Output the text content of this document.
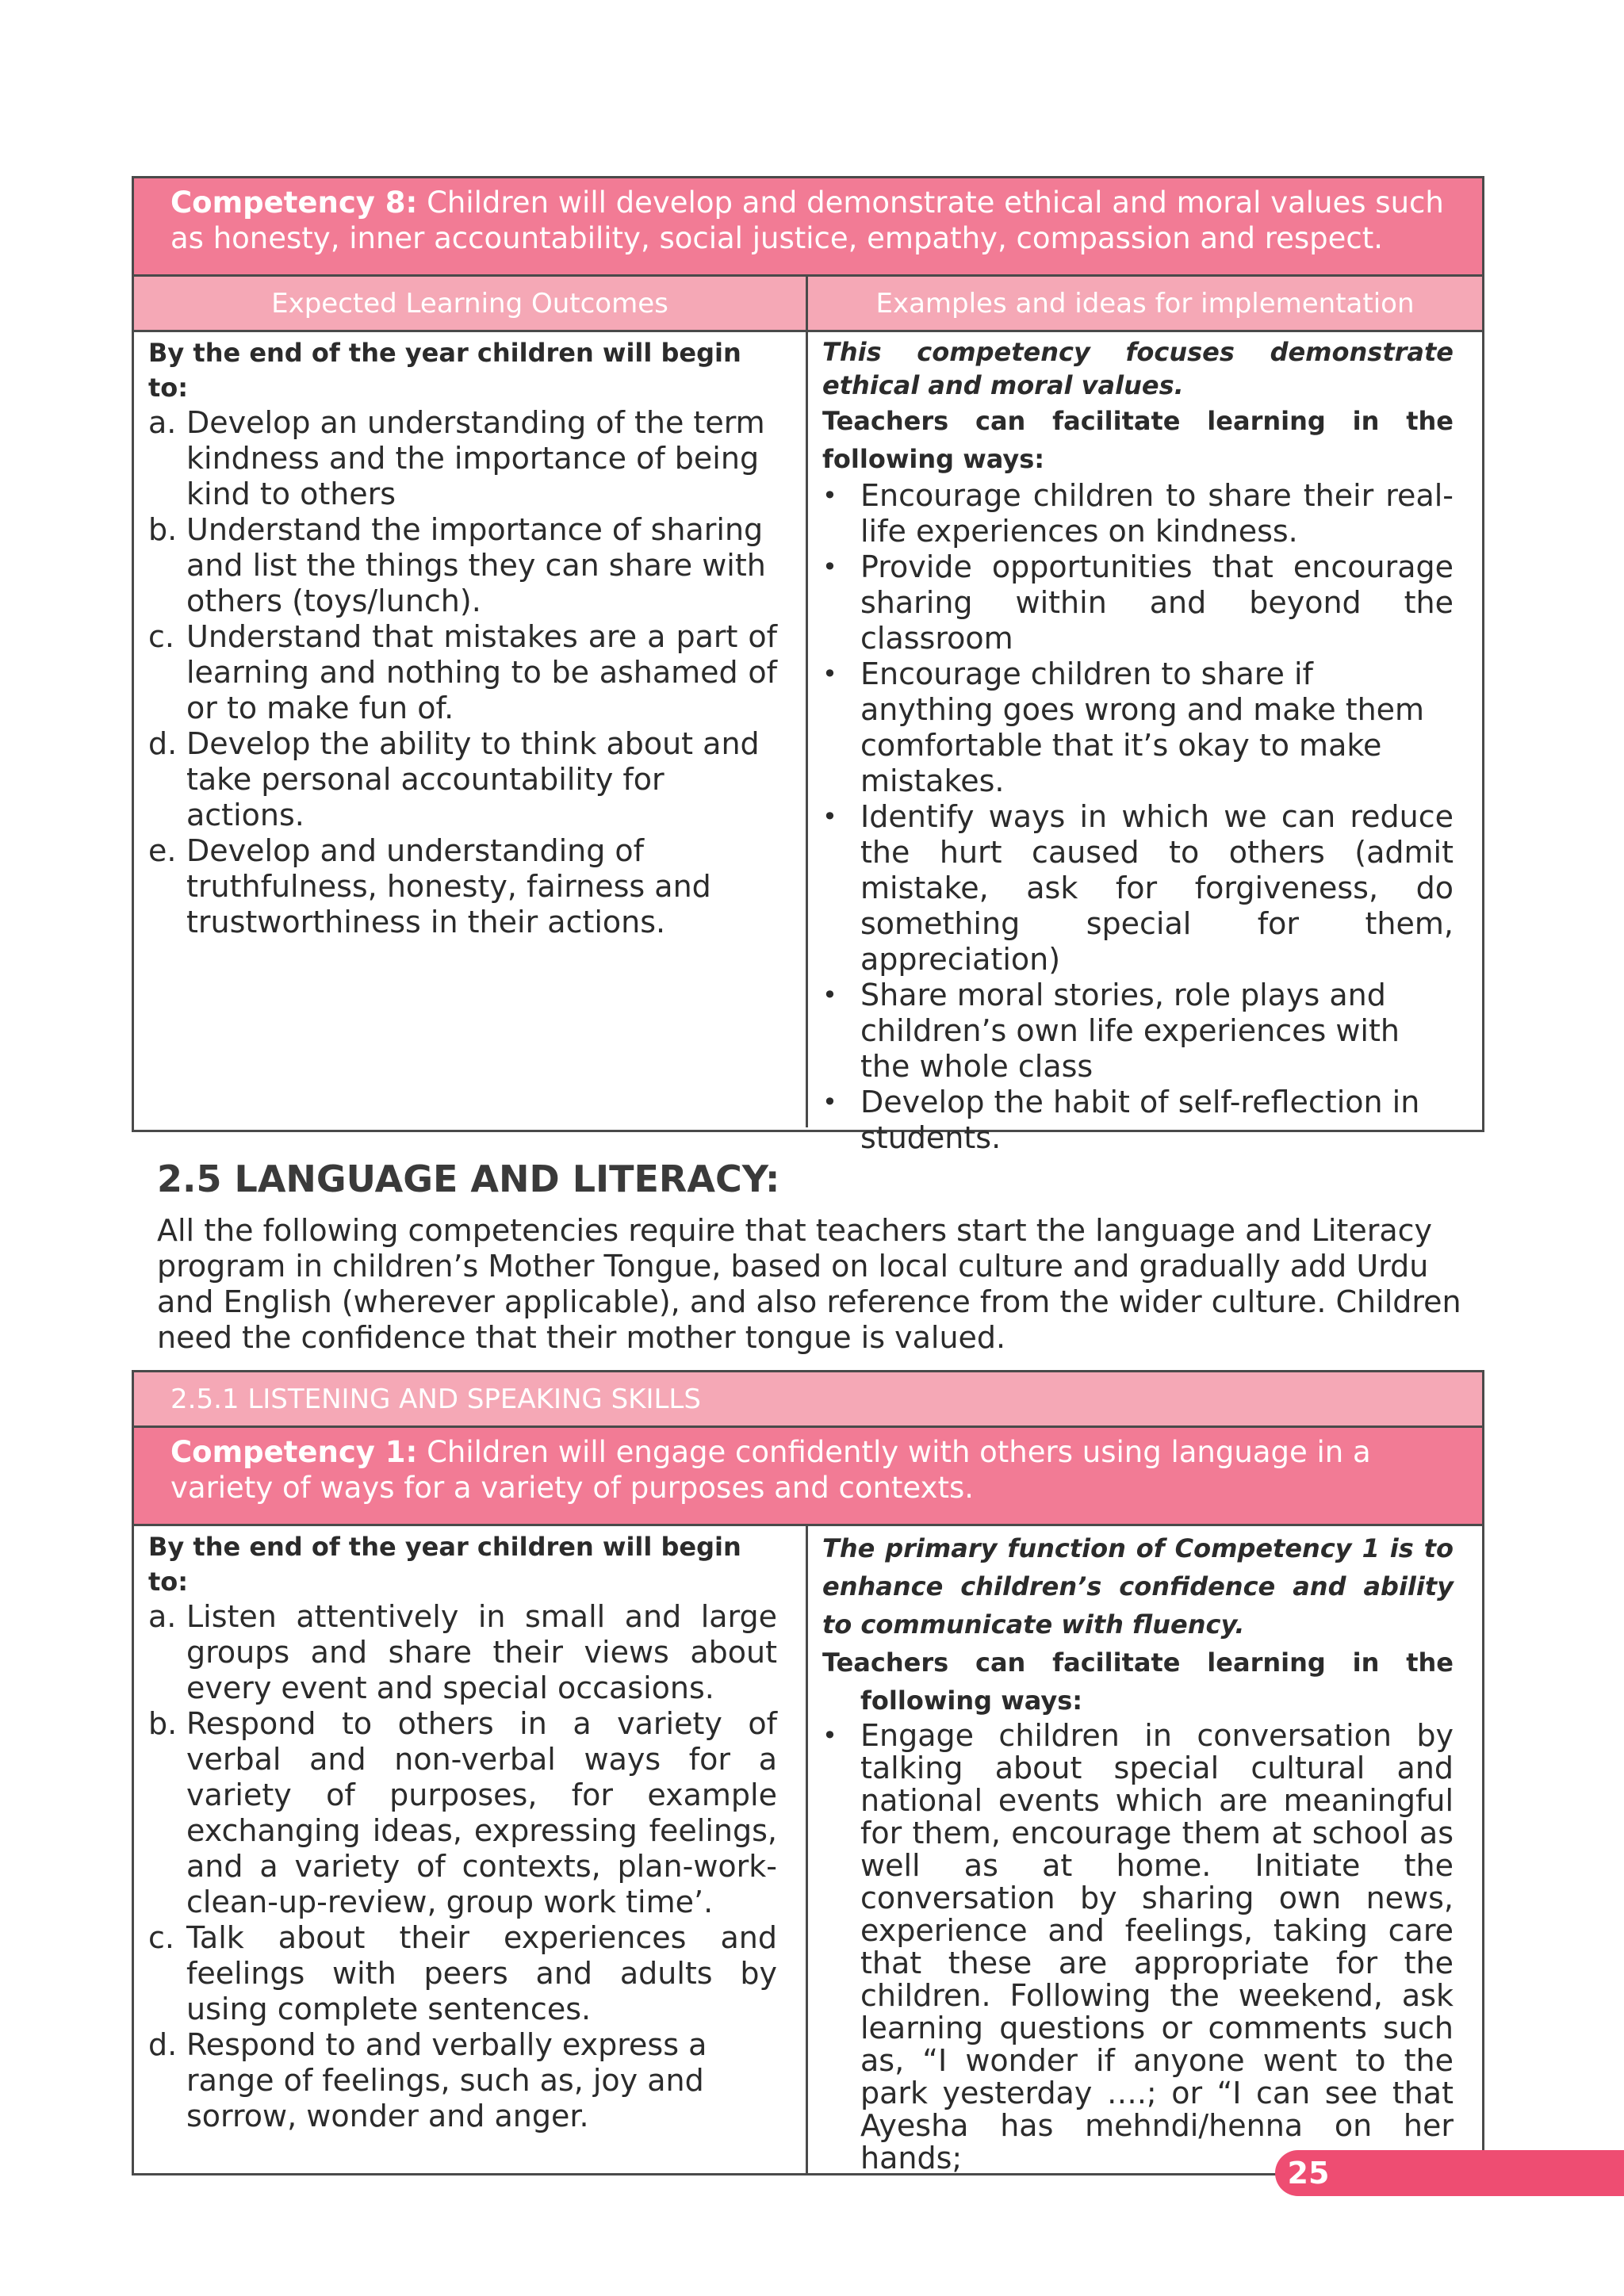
Competency 8: Children will develop and demonstrate ethical and moral values such as honesty, inner accountability, social justice, empathy, compassion and respect.
Expected Learning Outcomes	Examples and ideas for implementation
By the end of the year children will begin to:
a. Develop an understanding of the term kindness and the importance of being kind to others
b. Understand the importance of sharing and list the things they can share with others (toys/lunch).
c. Understand that mistakes are a part of learning and nothing to be ashamed of or to make fun of.
d. Develop the ability to think about and take personal accountability for actions.
e. Develop and understanding of truthfulness, honesty, fairness and trustworthiness in their actions.
This competency focuses demonstrate ethical and moral values.
Teachers can facilitate learning in the
following ways:
• Encourage children to share their real-life experiences on kindness.
• Provide opportunities that encourage sharing within and beyond the classroom
• Encourage children to share if anything goes wrong and make them comfortable that it’s okay to make mistakes.
• Identify ways in which we can reduce the hurt caused to others (admit mistake, ask for forgiveness, do something special for them, appreciation)
• Share moral stories, role plays and children’s own life experiences with the whole class
• Develop the habit of self-reflection in students.
2.5 LANGUAGE AND LITERACY:
All the following competencies require that teachers start the language and Literacy program in children’s Mother Tongue, based on local culture and gradually add Urdu and English (wherever applicable), and also reference from the wider culture. Children need the confidence that their mother tongue is valued.
2.5.1 LISTENING AND SPEAKING SKILLS
Competency 1: Children will engage confidently with others using language in a variety of ways for a variety of purposes and contexts.
By the end of the year children will begin to:
a. Listen attentively in small and large groups and share their views about every event and special occasions.
b. Respond to others in a variety of verbal and non-verbal ways for a variety of purposes, for example exchanging ideas, expressing feelings, and a variety of contexts, plan-work-clean-up-review, group work time’.
c. Talk about their experiences and feelings with peers and adults by using complete sentences.
d. Respond to and verbally express a range of feelings, such as, joy and sorrow, wonder and anger.
The primary function of Competency 1 is to enhance children’s confidence and ability to communicate with fluency.
Teachers can facilitate learning in the
following ways:
• Engage children in conversation by talking about special cultural and national events which are meaningful for them, encourage them at school as well as at home. Initiate the conversation by sharing own news, experience and feelings, taking care that these are appropriate for the children. Following the weekend, ask learning questions or comments such as, “I wonder if anyone went to the park yesterday ….; or “I can see that Ayesha has mehndi/henna on her hands;	25
